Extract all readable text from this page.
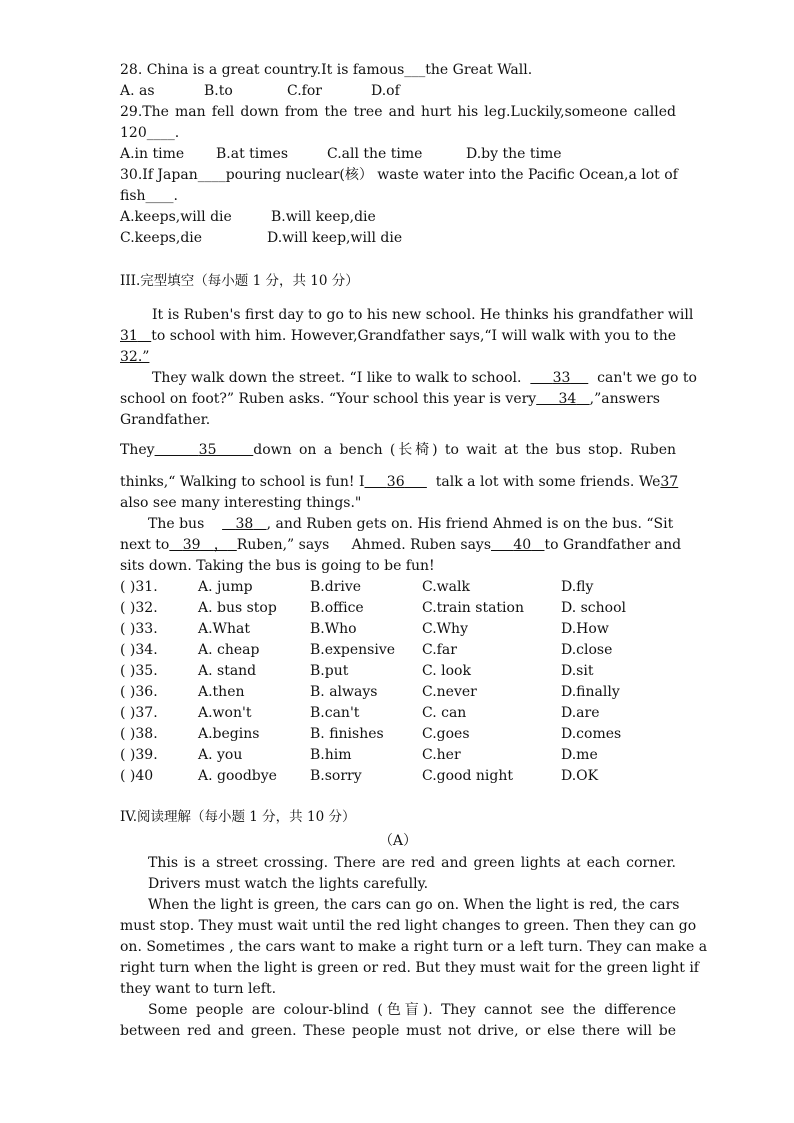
28. China is a great country.It is famous___the Great Wall.
A. as	B.to	C.for	D.of
29.The man fell down from the tree and hurt his leg.Luckily,someone called
120____.
A.in time	B.at times	C.all the time	D.by the time
30.If Japan____pouring nuclear(核） waste water into the Pacific Ocean,a lot of
fish____.
A.keeps,will die	B.will keep,die
C.keeps,die	D.will keep,will die
III.完型填空（每小题 1 分，共 10 分）
It is Ruben's first day to go to his new school. He thinks his grandfather will
31 to school with him. However,Grandfather says,“I will walk with you to the
32.”
They walk down the street. “I like to walk to school. 33 can't we go to
school on foot?” Ruben asks. “Your school this year is very 34 ,”answers
Grandfather.
They	35	down on a bench (长椅) to wait at the bus stop. Ruben
thinks,“ Walking to school is fun! I 36 talk a lot with some friends. We37
also see many interesting things."
The bus 38 , and Ruben gets on. His friend Ahmed is on the bus. “Sit
next to 39 ， Ruben,” says Ahmed. Ruben says 40 to Grandfather and
sits down. Taking the bus is going to be fun!
( )31.	A. jump	B.drive	C.walk	D.fly
( )32.	A. bus stop	B.office	C.train station	D. school
( )33.	A.What	B.Who	C.Why	D.How
( )34.	A. cheap	B.expensive	C.far	D.close
( )35.	A. stand	B.put	C. look	D.sit
( )36.	A.then	B. always	C.never	D.finally
( )37.	A.won't	B.can't	C. can	D.are
( )38.	A.begins	B. finishes	C.goes	D.comes
( )39.	A. you	B.him	C.her	D.me
( )40	A. goodbye	B.sorry	C.good night	D.OK
IV.阅读理解（每小题 1 分，共 10 分）
（A）
This is a street crossing. There are red and green lights at each corner.
Drivers must watch the lights carefully.
When the light is green, the cars can go on. When the light is red, the cars
must stop. They must wait until the red light changes to green. Then they can go
on. Sometimes , the cars want to make a right turn or a left turn. They can make a
right turn when the light is green or red. But they must wait for the green light if
they want to turn left.
Some people are colour-blind (色盲). They cannot see the difference
between red and green. These people must not drive, or else there will be
